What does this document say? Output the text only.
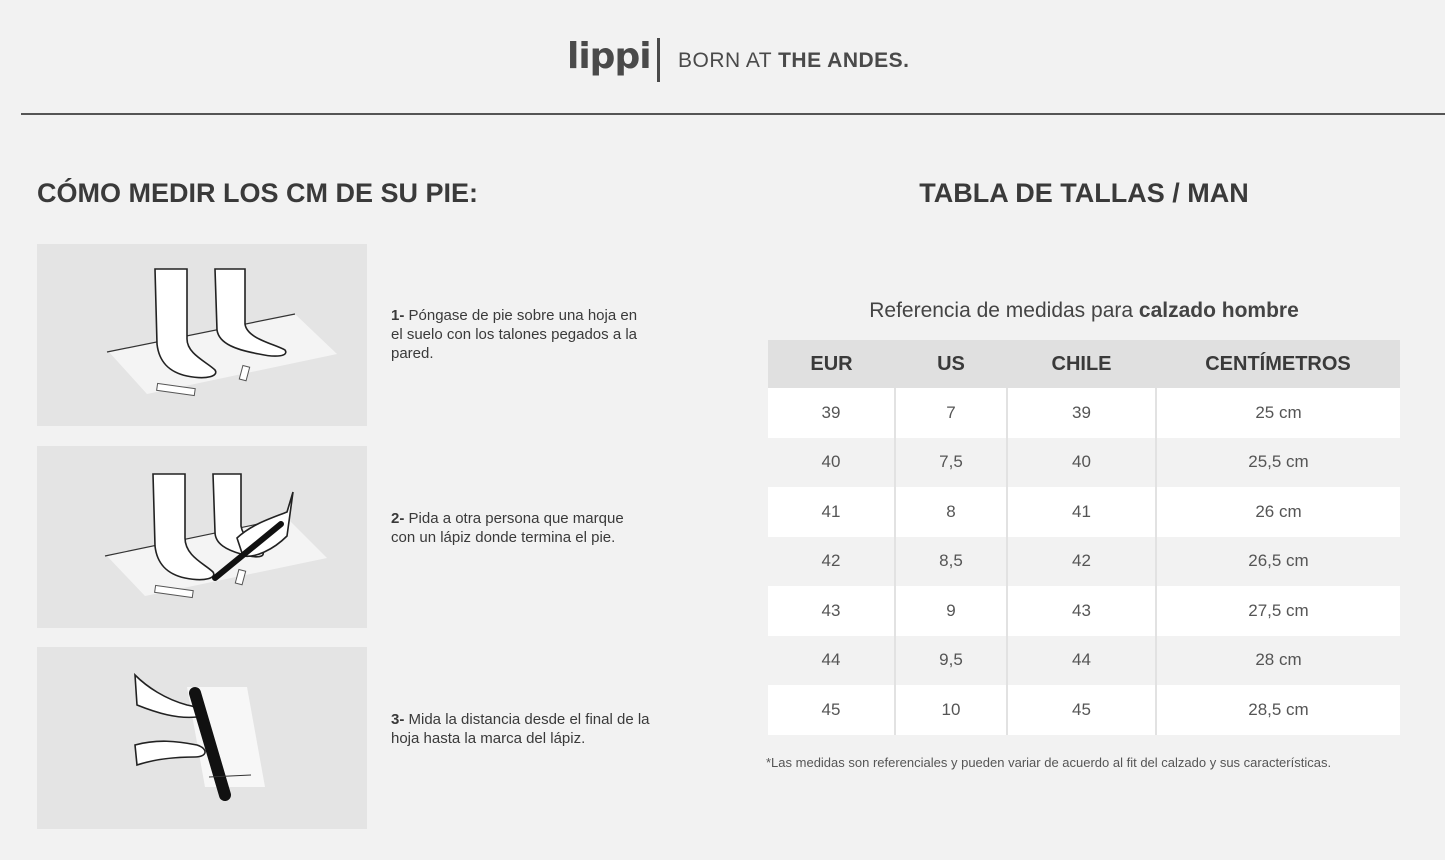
lippi BORN AT THE ANDES.
CÓMO MEDIR LOS CM DE SU PIE:
1- Póngase de pie sobre una hoja en el suelo con los talones pegados a la pared.
2- Pida a otra persona que marque con un lápiz donde termina el pie.
3- Mida la distancia desde el final de la hoja hasta la marca del lápiz.
TABLA DE TALLAS / MAN
Referencia de medidas para calzado hombre
EUR	US	CHILE	CENTÍMETROS
39	7	39	25 cm
40	7,5	40	25,5 cm
41	8	41	26 cm
42	8,5	42	26,5 cm
43	9	43	27,5 cm
44	9,5	44	28 cm
45	10	45	28,5 cm
*Las medidas son referenciales y pueden variar de acuerdo al fit del calzado y sus características.
